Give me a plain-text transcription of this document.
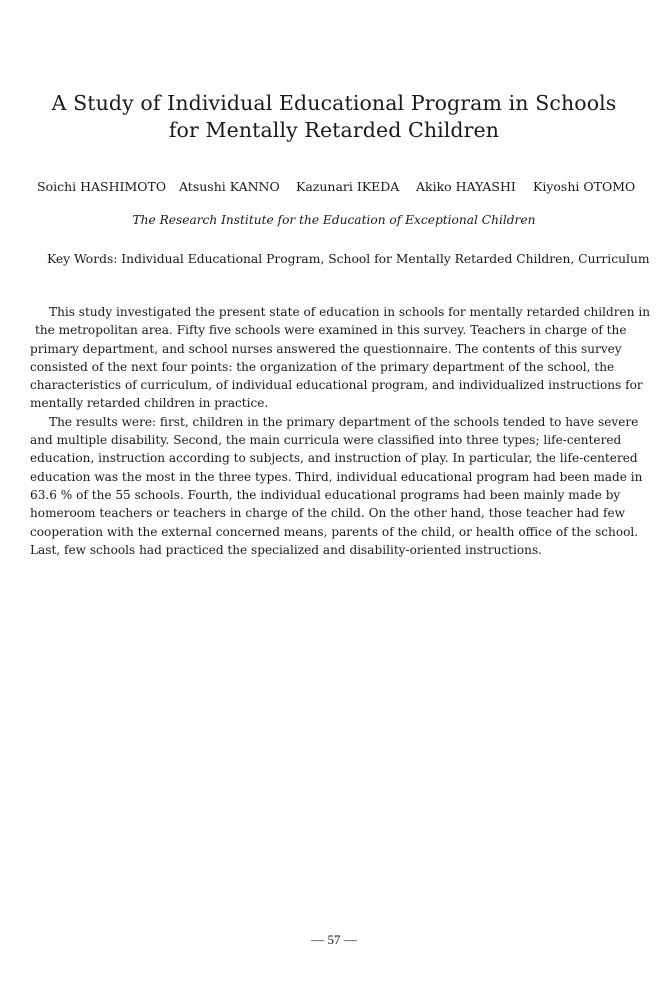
A Study of Individual Educational Program in Schools
for Mentally Retarded Children
Soichi HASHIMOTO Atsushi KANNO Kazunari IKEDA Akiko HAYASHI Kiyoshi OTOMO
The Research Institute for the Education of Exceptional Children
Key Words: Individual Educational Program, School for Mentally Retarded Children, Curriculum
This study investigated the present state of education in schools for mentally retarded children in
the metropolitan area. Fifty five schools were examined in this survey. Teachers in charge of the
primary department, and school nurses answered the questionnaire. The contents of this survey
consisted of the next four points: the organization of the primary department of the school, the
characteristics of curriculum, of individual educational program, and individualized instructions for
mentally retarded children in practice.
The results were: first, children in the primary department of the schools tended to have severe
and multiple disability. Second, the main curricula were classified into three types; life-centered
education, instruction according to subjects, and instruction of play. In particular, the life-centered
education was the most in the three types. Third, individual educational program had been made in
63.6 % of the 55 schools. Fourth, the individual educational programs had been mainly made by
homeroom teachers or teachers in charge of the child. On the other hand, those teacher had few
cooperation with the external concerned means, parents of the child, or health office of the school.
Last, few schools had practiced the specialized and disability-oriented instructions.
— 57 —
